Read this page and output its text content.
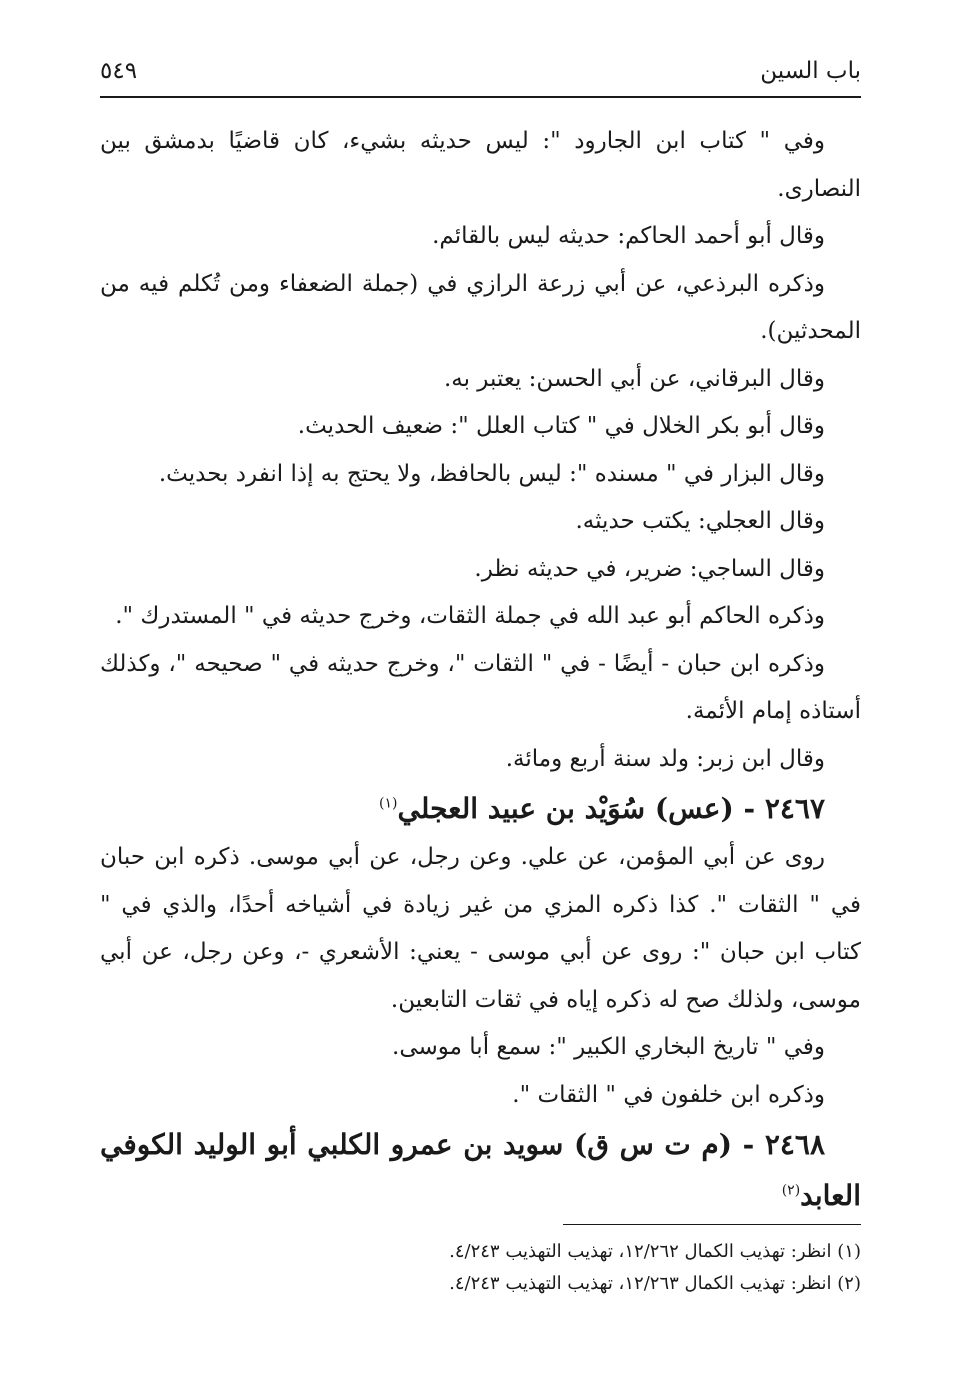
باب السين
٥٤٩

وفي " كتاب ابن الجارود ": ليس حديثه بشيء، كان قاضيًا بدمشق بين النصارى.

وقال أبو أحمد الحاكم: حديثه ليس بالقائم.

وذكره البرذعي، عن أبي زرعة الرازي في (جملة الضعفاء ومن تُكلم فيه من المحدثين).

وقال البرقاني، عن أبي الحسن: يعتبر به.

وقال أبو بكر الخلال في " كتاب العلل ": ضعيف الحديث.

وقال البزار في " مسنده ": ليس بالحافظ، ولا يحتج به إذا انفرد بحديث.

وقال العجلي: يكتب حديثه.

وقال الساجي: ضرير، في حديثه نظر.

وذكره الحاكم أبو عبد الله في جملة الثقات، وخرج حديثه في " المستدرك ".

وذكره ابن حبان - أيضًا - في " الثقات "، وخرج حديثه في " صحيحه "، وكذلك أستاذه إمام الأئمة.

وقال ابن زبر: ولد سنة أربع ومائة.

٢٤٦٧ - (عس) سُوَيْد بن عبيد العجلي$^{(١)}$

روى عن أبي المؤمن، عن علي. وعن رجل، عن أبي موسى. ذكره ابن حبان في " الثقات ". كذا ذكره المزي من غير زيادة في أشياخه أحدًا، والذي في " كتاب ابن حبان ": روى عن أبي موسى - يعني: الأشعري -، وعن رجل، عن أبي موسى، ولذلك صح له ذكره إياه في ثقات التابعين.

وفي " تاريخ البخاري الكبير ": سمع أبا موسى.

وذكره ابن خلفون في " الثقات ".

٢٤٦٨ - (م ت س ق) سويد بن عمرو الكلبي أبو الوليد الكوفي العابد$^{(٢)}$

(١) انظر: تهذيب الكمال ١٢/٢٦٢، تهذيب التهذيب ٤/٢٤٣.

(٢) انظر: تهذيب الكمال ١٢/٢٦٣، تهذيب التهذيب ٤/٢٤٣.
